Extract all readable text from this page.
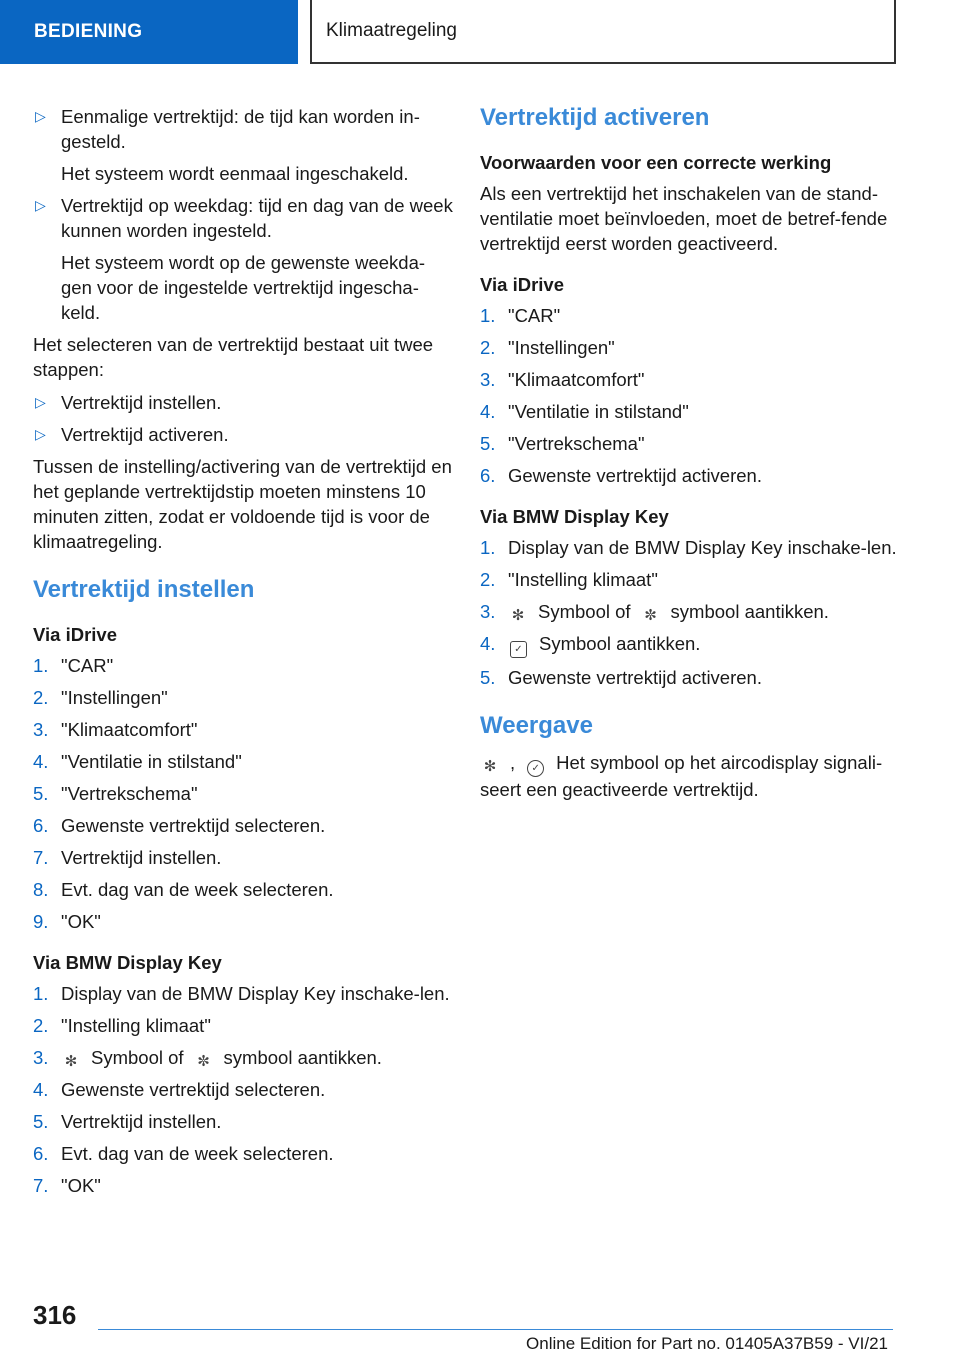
BEDIENING	Klimaatregeling
▷ Eenmalige vertrektijd: de tijd kan worden in-gesteld.
Het systeem wordt eenmaal ingeschakeld.
▷ Vertrektijd op weekdag: tijd en dag van de week kunnen worden ingesteld.
Het systeem wordt op de gewenste weekda-gen voor de ingestelde vertrektijd ingescha-keld.

Het selecteren van de vertrektijd bestaat uit twee stappen:

▷ Vertrektijd instellen.
▷ Vertrektijd activeren.

Tussen de instelling/activering van de vertrektijd en het geplande vertrektijdstip moeten minstens 10 minuten zitten, zodat er voldoende tijd is voor de klimaatregeling.

Vertrektijd instellen
Via iDrive
1. "CAR"
2. "Instellingen"
3. "Klimaatcomfort"
4. "Ventilatie in stilstand"
5. "Vertrekschema"
6. Gewenste vertrektijd selecteren.
7. Vertrektijd instellen.
8. Evt. dag van de week selecteren.
9. "OK"
Via BMW Display Key
1. Display van de BMW Display Key inschake-len.
2. "Instelling klimaat"
3. ✻ Symbool of ✼ symbool aantikken.
4. Gewenste vertrektijd selecteren.
5. Vertrektijd instellen.
6. Evt. dag van de week selecteren.
7. "OK"
Vertrektijd activeren
Voorwaarden voor een correcte werking

Als een vertrektijd het inschakelen van de stand-ventilatie moet beïnvloeden, moet de betref-fende vertrektijd eerst worden geactiveerd.

Via iDrive
1. "CAR"
2. "Instellingen"
3. "Klimaatcomfort"
4. "Ventilatie in stilstand"
5. "Vertrekschema"
6. Gewenste vertrektijd activeren.
Via BMW Display Key
1. Display van de BMW Display Key inschake-len.
2. "Instelling klimaat"
3. ✻ Symbool of ✼ symbool aantikken.
4. ✓ Symbool aantikken.
5. Gewenste vertrektijd activeren.
Weergave

✻ , ✓ Het symbool op het aircodisplay signali-seert een geactiveerde vertrektijd.

316
Online Edition for Part no. 01405A37B59 - VI/21
